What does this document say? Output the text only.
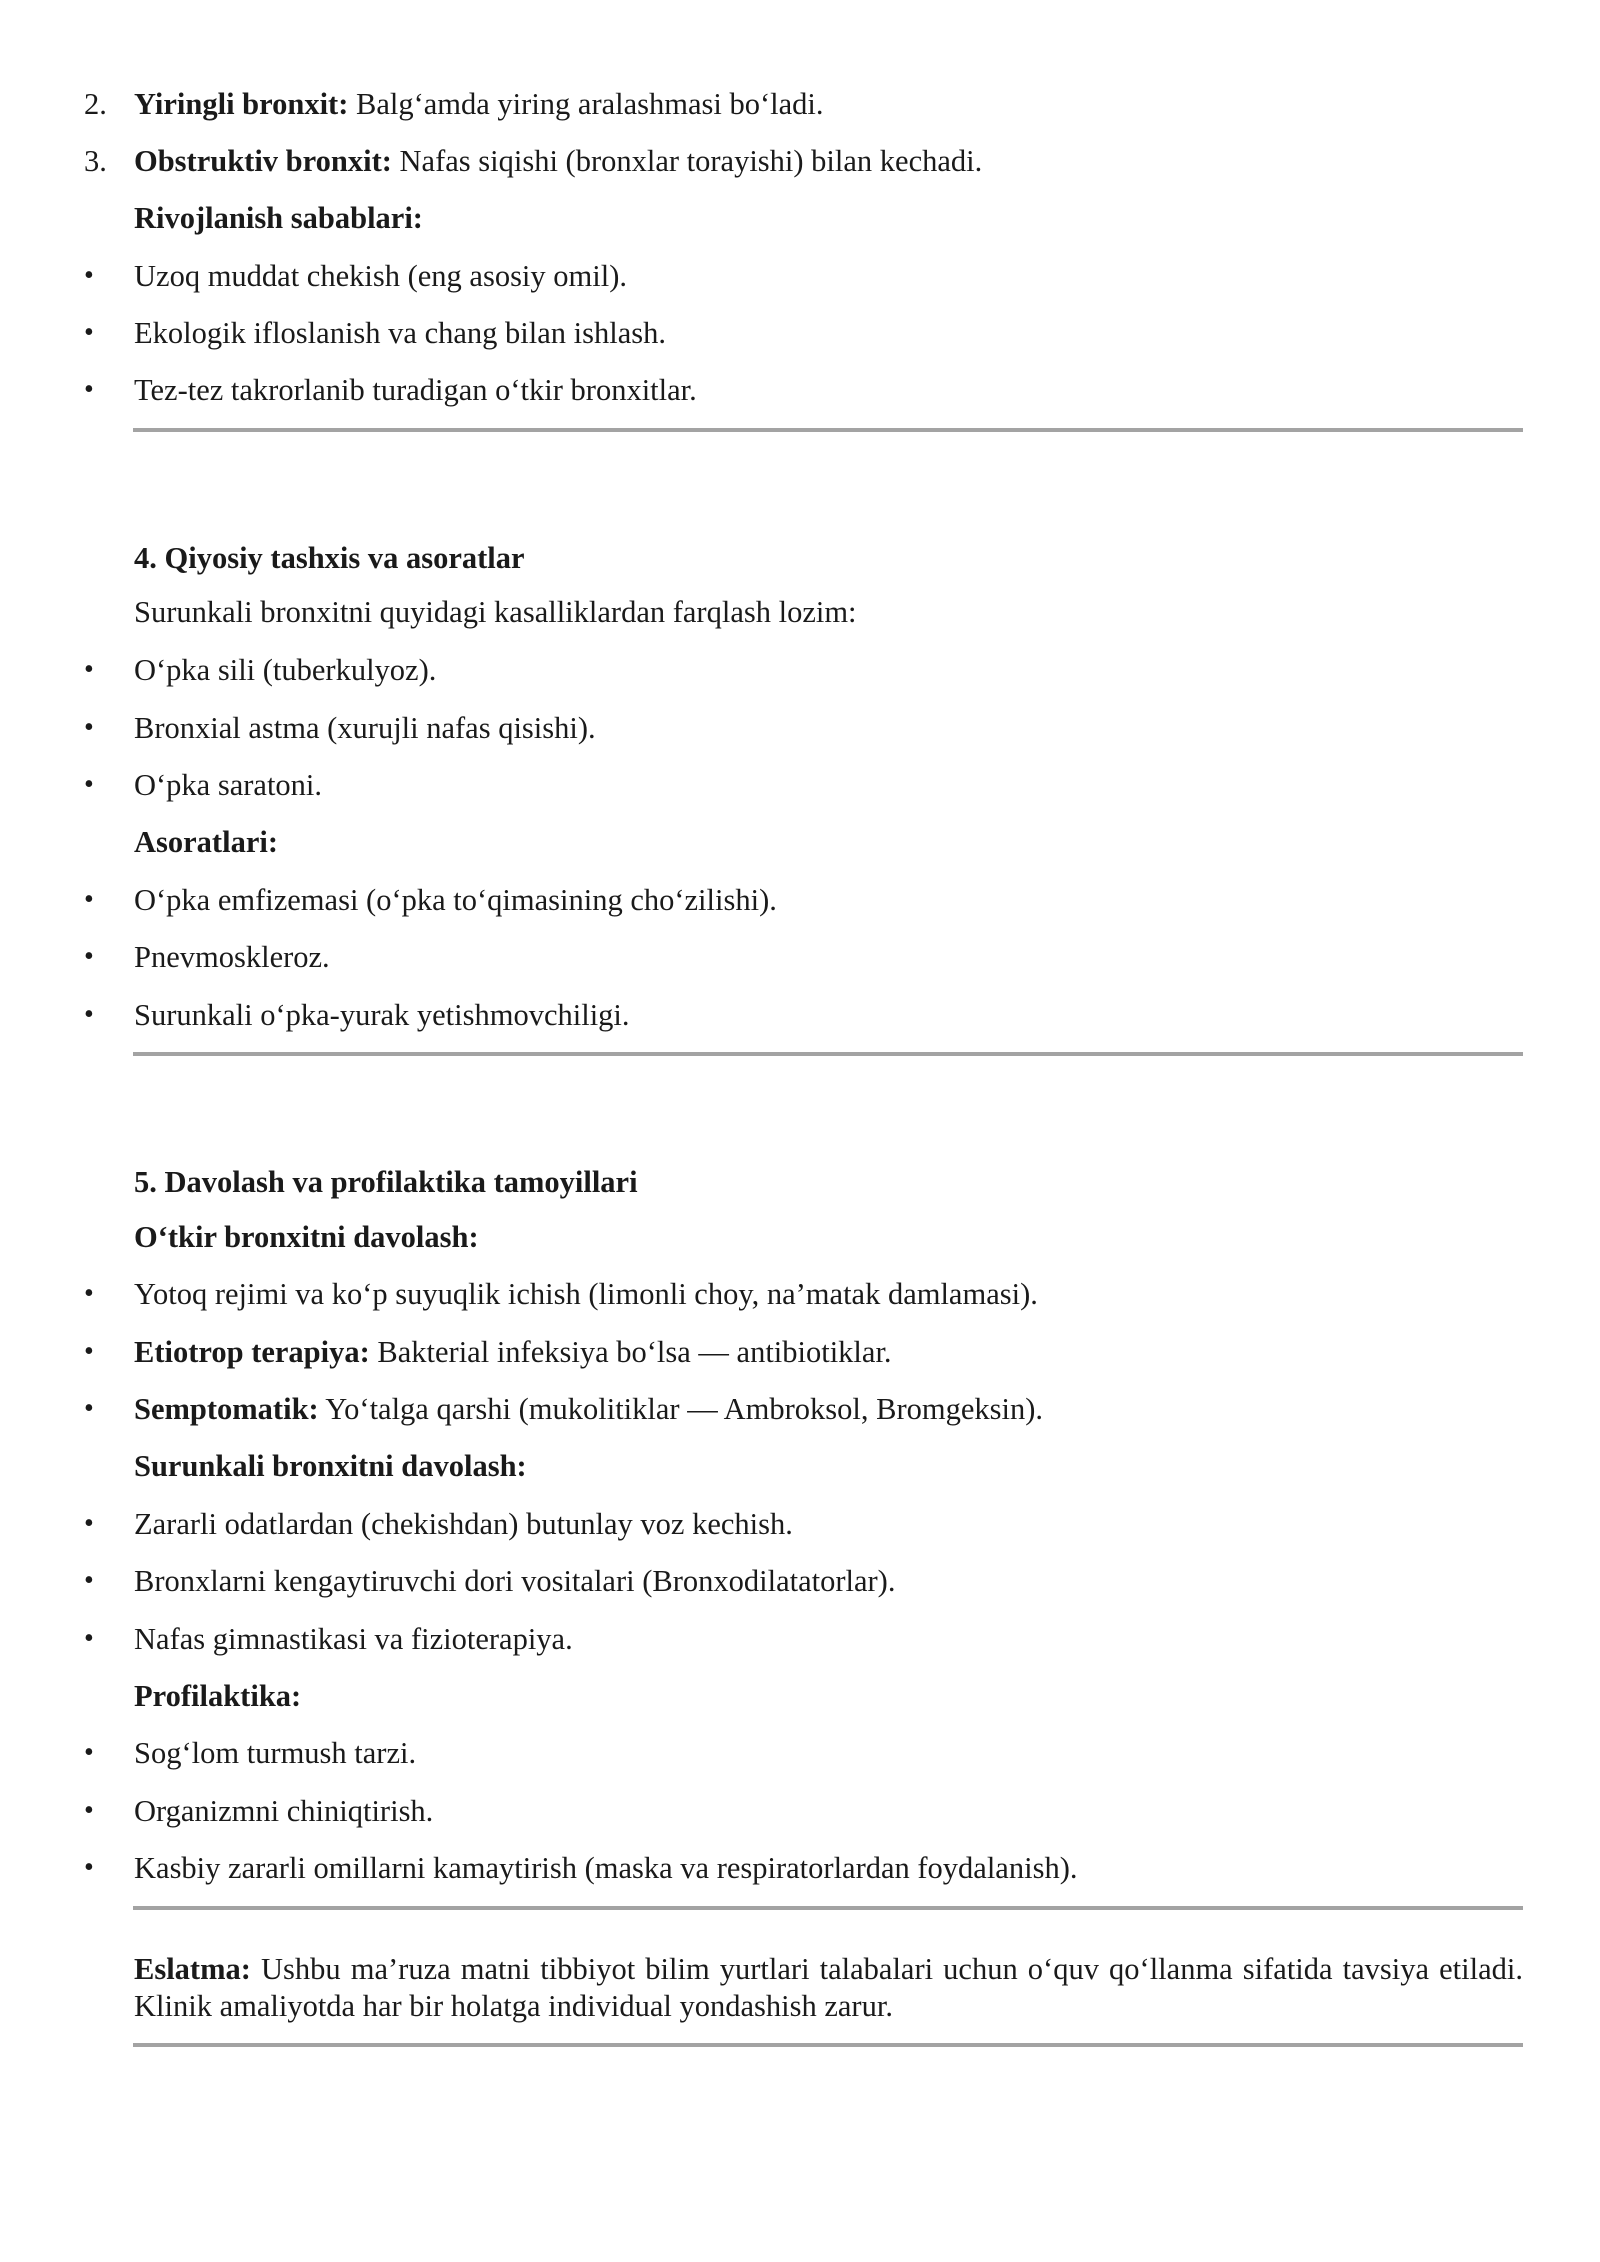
2. Yiringli bronxit: Balg‘amda yiring aralashmasi bo‘ladi.
3. Obstruktiv bronxit: Nafas siqishi (bronxlar torayishi) bilan kechadi.
Rivojlanish sabablari:
•	Uzoq muddat chekish (eng asosiy omil).
•	Ekologik ifloslanish va chang bilan ishlash.
•	Tez-tez takrorlanib turadigan o‘tkir bronxitlar.
4. Qiyosiy tashxis va asoratlar
Surunkali bronxitni quyidagi kasalliklardan farqlash lozim:
•	O‘pka sili (tuberkulyoz).
•	Bronxial astma (xurujli nafas qisishi).
•	O‘pka saratoni.
Asoratlari:
•	O‘pka emfizemasi (o‘pka to‘qimasining cho‘zilishi).
•	Pnevmoskleroz.
•	Surunkali o‘pka-yurak yetishmovchiligi.
5. Davolash va profilaktika tamoyillari
O‘tkir bronxitni davolash:
•	Yotoq rejimi va ko‘p suyuqlik ichish (limonli choy, na’matak damlamasi).
•	Etiotrop terapiya: Bakterial infeksiya bo‘lsa — antibiotiklar.
•	Semptomatik: Yo‘talga qarshi (mukolitiklar — Ambroksol, Bromgeksin).
Surunkali bronxitni davolash:
•	Zararli odatlardan (chekishdan) butunlay voz kechish.
•	Bronxlarni kengaytiruvchi dori vositalari (Bronxodilatatorlar).
•	Nafas gimnastikasi va fizioterapiya.
Profilaktika:
•	Sog‘lom turmush tarzi.
•	Organizmni chiniqtirish.
•	Kasbiy zararli omillarni kamaytirish (maska va respiratorlardan foydalanish).
Eslatma: Ushbu ma’ruza matni tibbiyot bilim yurtlari talabalari uchun o‘quv qo‘llanma sifatida tavsiya etiladi. Klinik amaliyotda har bir holatga individual yondashish zarur.
